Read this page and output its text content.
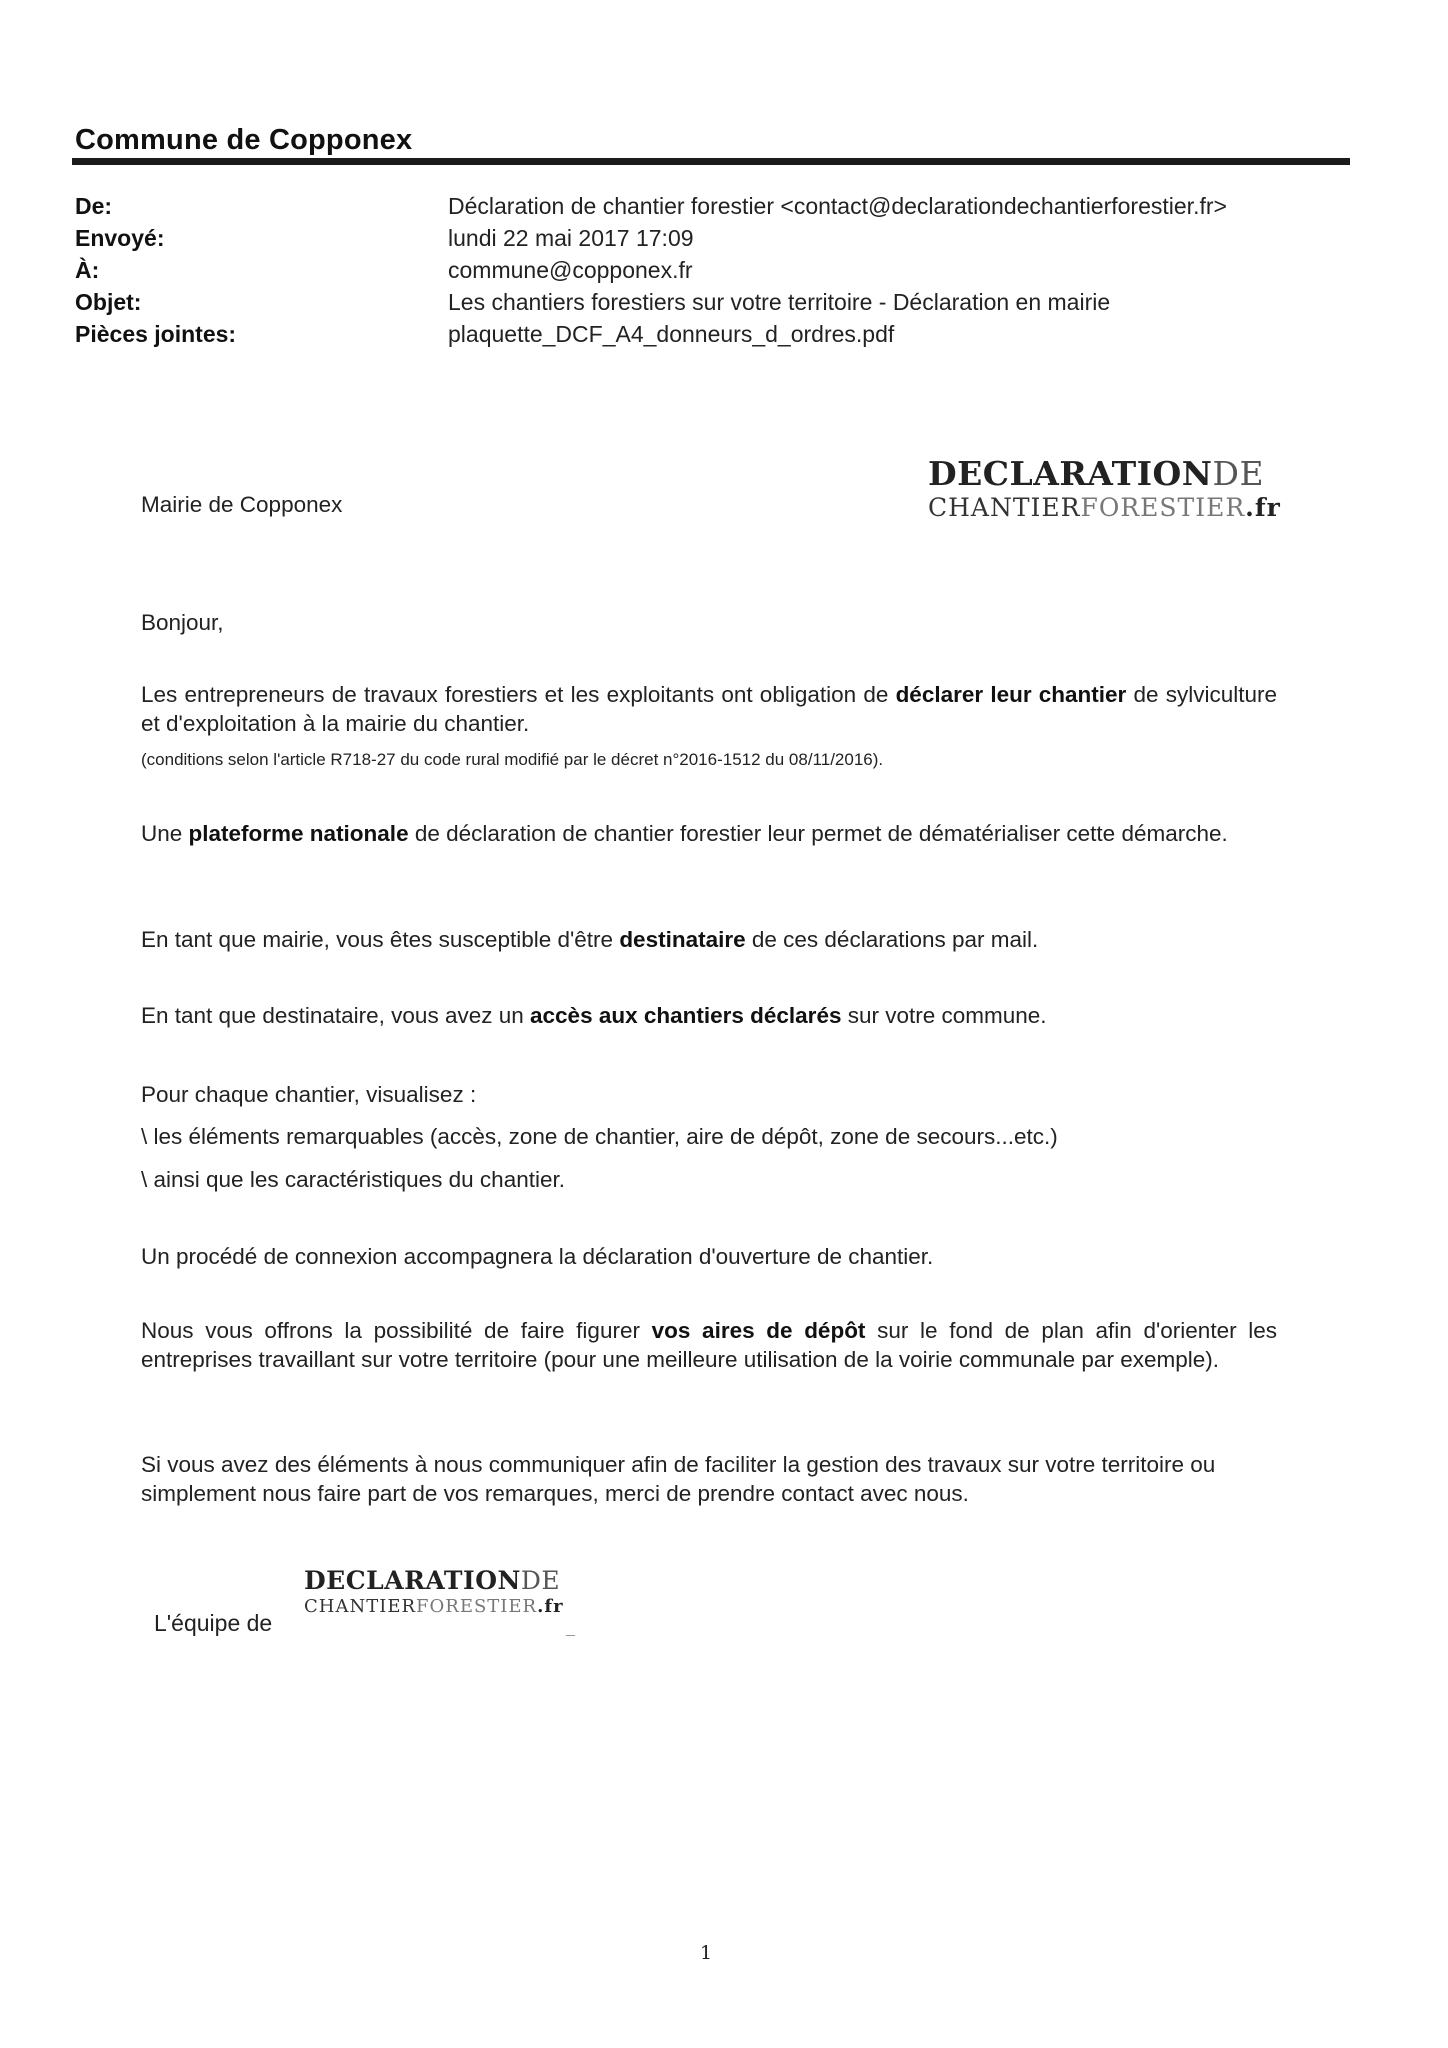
Commune de Copponex
De:	Déclaration de chantier forestier <contact@declarationdechantierforestier.fr>
Envoyé:	lundi 22 mai 2017 17:09
À:	commune@copponex.fr
Objet:	Les chantiers forestiers sur votre territoire - Déclaration en mairie
Pièces jointes:	plaquette_DCF_A4_donneurs_d_ordres.pdf
Mairie de Copponex
DECLARATIONDE
CHANTIERFORESTIER.fr
Bonjour,
Les entrepreneurs de travaux forestiers et les exploitants ont obligation de déclarer leur chantier de sylviculture et d'exploitation à la mairie du chantier.
(conditions selon l'article R718-27 du code rural modifié par le décret n°2016-1512 du 08/11/2016).
Une plateforme nationale de déclaration de chantier forestier leur permet de dématérialiser cette démarche.
En tant que mairie, vous êtes susceptible d'être destinataire de ces déclarations par mail.
En tant que destinataire, vous avez un accès aux chantiers déclarés sur votre commune.
Pour chaque chantier, visualisez :
\ les éléments remarquables (accès, zone de chantier, aire de dépôt, zone de secours...etc.)
\ ainsi que les caractéristiques du chantier.
Un procédé de connexion accompagnera la déclaration d'ouverture de chantier.
Nous vous offrons la possibilité de faire figurer vos aires de dépôt sur le fond de plan afin d'orienter les entreprises travaillant sur votre territoire (pour une meilleure utilisation de la voirie communale par exemple).
Si vous avez des éléments à nous communiquer afin de faciliter la gestion des travaux sur votre territoire ou simplement nous faire part de vos remarques, merci de prendre contact avec nous.
L'équipe de
DECLARATIONDE
CHANTIERFORESTIER.fr
_
1
